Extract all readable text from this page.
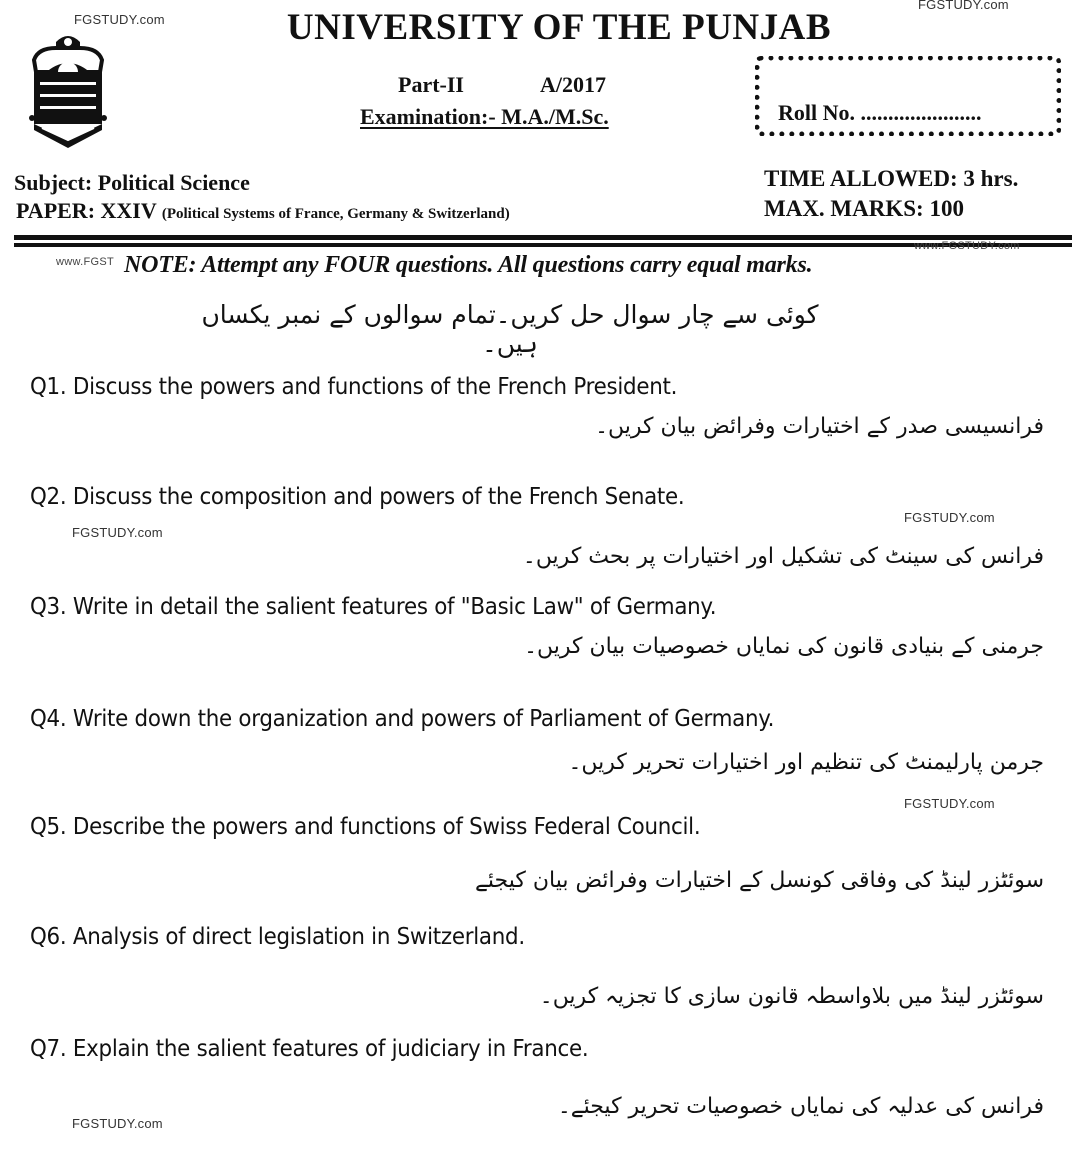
FGSTUDY.com
FGSTUDY.com
UNIVERSITY OF THE PUNJAB
Part-II	A/2017
Examination:- M.A./M.Sc.	Roll No. ......................
Subject: Political Science
PAPER: XXIV (Political Systems of France, Germany & Switzerland)
TIME ALLOWED: 3 hrs.
MAX. MARKS: 100
www.FGST
www.FGSTUDY.com
NOTE: Attempt any FOUR questions. All questions carry equal marks.
کوئی سے چار سوال حل کریں۔تمام سوالوں کے نمبر یکساں ہیں۔
Q1. Discuss the powers and functions of the French President.
فرانسیسی صدر کے اختیارات وفرائض بیان کریں۔
Q2. Discuss the composition and powers of the French Senate.
FGSTUDY.com
FGSTUDY.com
فرانس کی سینٹ کی تشکیل اور اختیارات پر بحث کریں۔
Q3. Write in detail the salient features of "Basic Law" of Germany.
جرمنی کے بنیادی قانون کی نمایاں خصوصیات بیان کریں۔
Q4. Write down the organization and powers of Parliament of Germany.
جرمن پارلیمنٹ کی تنظیم اور اختیارات تحریر کریں۔
FGSTUDY.com
Q5. Describe the powers and functions of Swiss Federal Council.
سوئٹزر لینڈ کی وفاقی کونسل کے اختیارات وفرائض بیان کیجئے
Q6. Analysis of direct legislation in Switzerland.
سوئٹزر لینڈ میں بلاواسطہ قانون سازی کا تجزیہ کریں۔
Q7. Explain the salient features of judiciary in France.
فرانس کی عدلیہ کی نمایاں خصوصیات تحریر کیجئے۔
FGSTUDY.com
